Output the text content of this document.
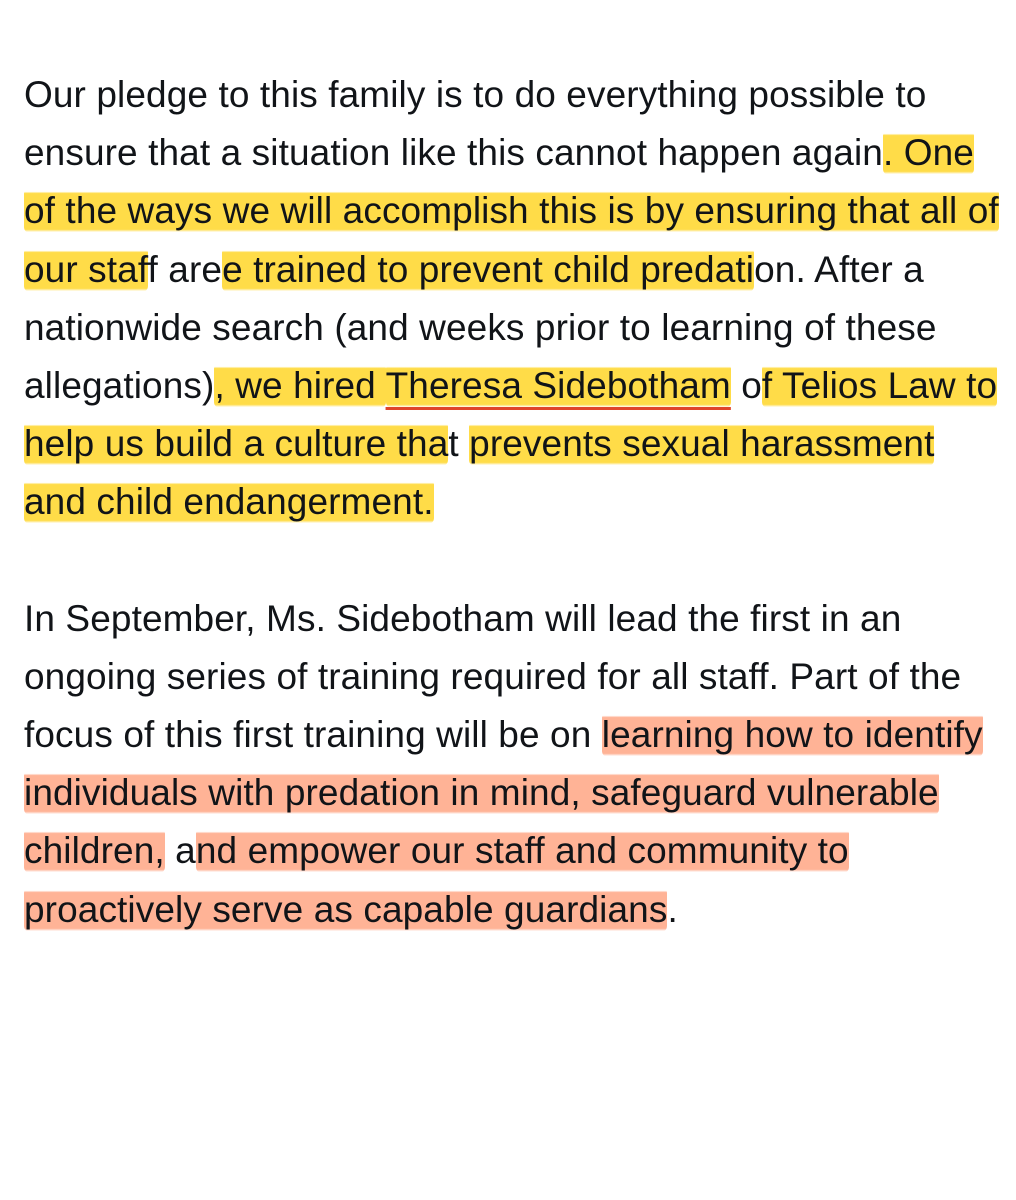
Our pledge to this family is to do everything possible to ensure that a situation like this cannot happen again. One of the ways we will accomplish this is by ensuring that all of our staff aree trained to prevent child predation. After a nationwide search (and weeks prior to learning of these allegations), we hired Theresa Sidebotham of Telios Law to help us build a culture that prevents sexual harassment and child endangerment.

In September, Ms. Sidebotham will lead the first in an ongoing series of training required for all staff. Part of the focus of this first training will be on learning how to identify individuals with predation in mind, safeguard vulnerable children, and empower our staff and community to proactively serve as capable guardians.
